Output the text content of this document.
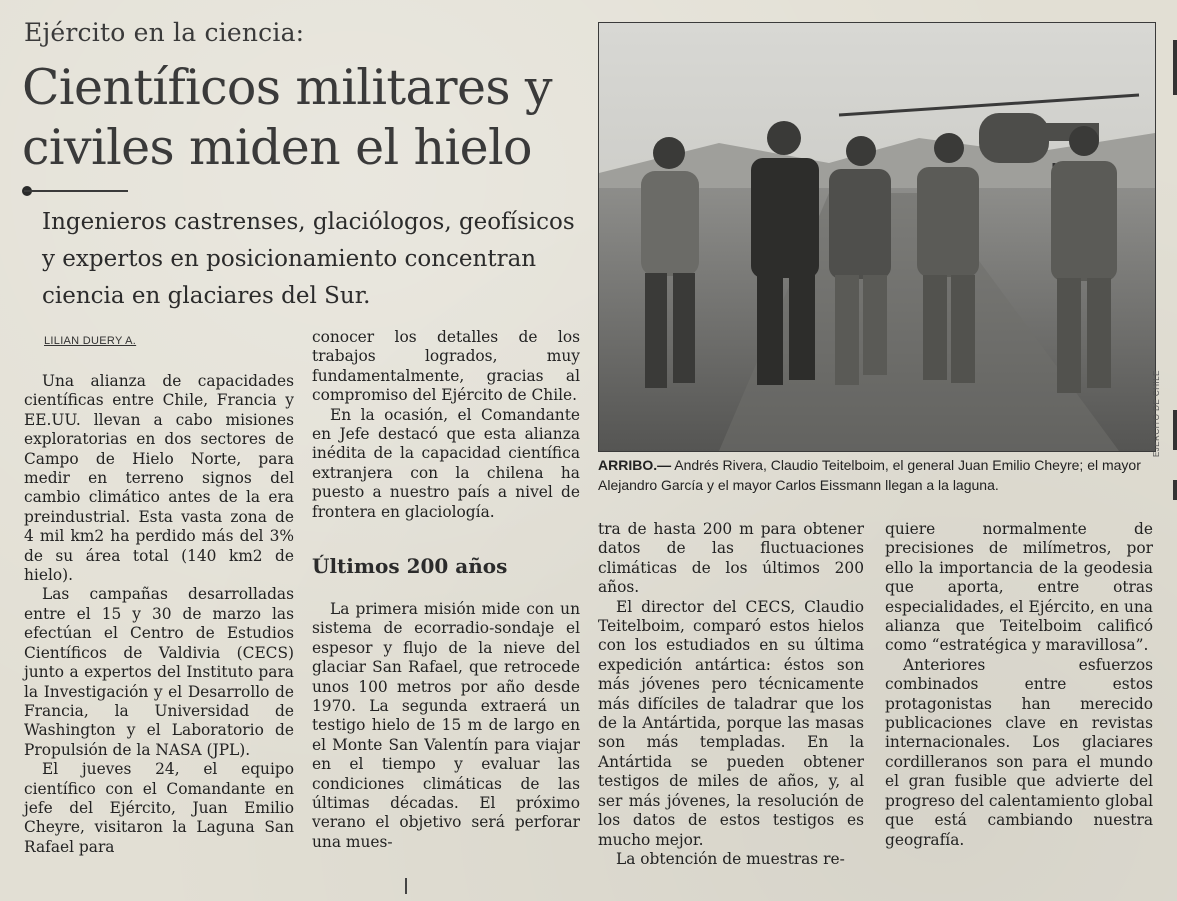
Ejército en la ciencia:
Científicos militares y civiles miden el hielo
Ingenieros castrenses, glaciólogos, geofísicos y expertos en posicionamiento concentran ciencia en glaciares del Sur.
LILIAN DUERY A.

Una alianza de capacidades científicas entre Chile, Francia y EE.UU. llevan a cabo misiones exploratorias en dos sectores de Campo de Hielo Norte, para medir en terreno signos del cambio climático antes de la era preindustrial. Esta vasta zona de 4 mil km2 ha perdido más del 3% de su área total (140 km2 de hielo).

Las campañas desarrolladas entre el 15 y 30 de marzo las efectúan el Centro de Estudios Científicos de Valdivia (CECS) junto a expertos del Instituto para la Investigación y el Desarrollo de Francia, la Universidad de Washington y el Laboratorio de Propulsión de la NASA (JPL).

El jueves 24, el equipo científico con el Comandante en jefe del Ejército, Juan Emilio Cheyre, visitaron la Laguna San Rafael para

conocer los detalles de los trabajos logrados, muy fundamentalmente, gracias al compromiso del Ejército de Chile.

En la ocasión, el Comandante en Jefe destacó que esta alianza inédita de la capacidad científica extranjera con la chilena ha puesto a nuestro país a nivel de frontera en glaciología.

Últimos 200 años

La primera misión mide con un sistema de ecorradio-sondaje el espesor y flujo de la nieve del glaciar San Rafael, que retrocede unos 100 metros por año desde 1970. La segunda extraerá un testigo hielo de 15 m de largo en el Monte San Valentín para viajar en el tiempo y evaluar las condiciones climáticas de las últimas décadas. El próximo verano el objetivo será perforar una mues-

EJÉRCITO DE CHILE
ARRIBO.— Andrés Rivera, Claudio Teitelboim, el general Juan Emilio Cheyre; el mayor Alejandro García y el mayor Carlos Eissmann llegan a la laguna.

tra de hasta 200 m para obtener datos de las fluctuaciones climáticas de los últimos 200 años.

El director del CECS, Claudio Teitelboim, comparó estos hielos con los estudiados en su última expedición antártica: éstos son más jóvenes pero técnicamente más difíciles de taladrar que los de la Antártida, porque las masas son más templadas. En la Antártida se pueden obtener testigos de miles de años, y, al ser más jóvenes, la resolución de los datos de estos testigos es mucho mejor.

La obtención de muestras re-

quiere normalmente de precisiones de milímetros, por ello la importancia de la geodesia que aporta, entre otras especialidades, el Ejército, en una alianza que Teitelboim calificó como “estratégica y maravillosa”.

Anteriores esfuerzos combinados entre estos protagonistas han merecido publicaciones clave en revistas internacionales. Los glaciares cordilleranos son para el mundo el gran fusible que advierte del progreso del calentamiento global que está cambiando nuestra geografía.
